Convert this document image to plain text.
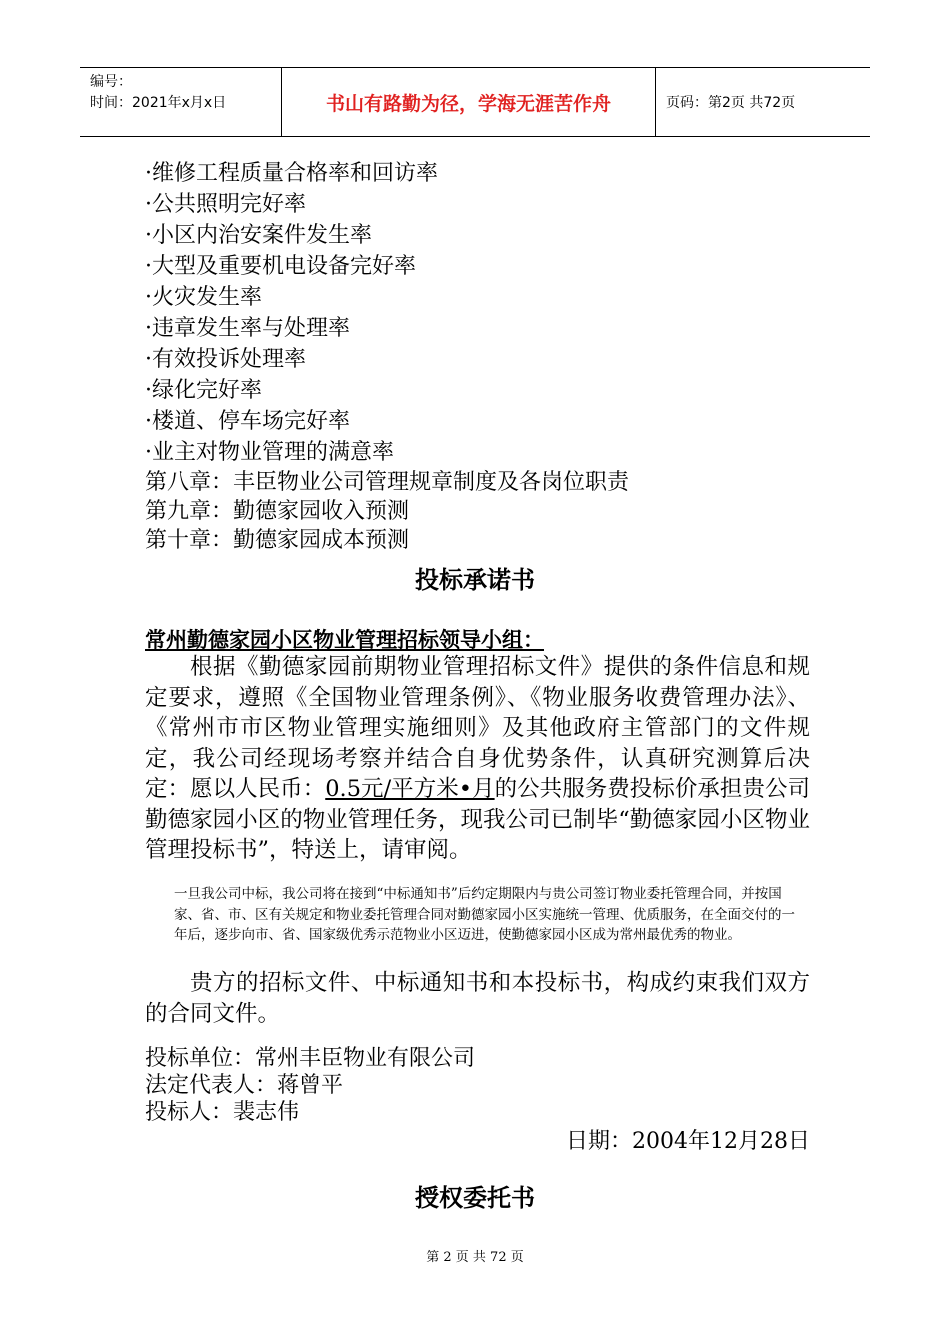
编号：
时间：2021年x月x日	书山有路勤为径，学海无涯苦作舟	页码：第2页 共72页
·维修工程质量合格率和回访率
·公共照明完好率
·小区内治安案件发生率
·大型及重要机电设备完好率
·火灾发生率
·违章发生率与处理率
·有效投诉处理率
·绿化完好率
·楼道、停车场完好率
·业主对物业管理的满意率
第八章：丰臣物业公司管理规章制度及各岗位职责
第九章：勤德家园收入预测
第十章：勤德家园成本预测
投标承诺书
常州勤德家园小区物业管理招标领导小组：
根据《勤德家园前期物业管理招标文件》提供的条件信息和规定要求，遵照《全国物业管理条例》、《物业服务收费管理办法》、《常州市市区物业管理实施细则》及其他政府主管部门的文件规定，我公司经现场考察并结合自身优势条件，认真研究测算后决定：愿以人民币：0.5元/平方米•月的公共服务费投标价承担贵公司勤德家园小区的物业管理任务，现我公司已制毕“勤德家园小区物业管理投标书”，特送上，请审阅。
一旦我公司中标，我公司将在接到“中标通知书”后约定期限内与贵公司签订物业委托管理合同，并按国家、省、市、区有关规定和物业委托管理合同对勤德家园小区实施统一管理、优质服务，在全面交付的一年后，逐步向市、省、国家级优秀示范物业小区迈进，使勤德家园小区成为常州最优秀的物业。
贵方的招标文件、中标通知书和本投标书，构成约束我们双方的合同文件。
投标单位：常州丰臣物业有限公司
法定代表人：蒋曾平
投标人：裴志伟
日期：2004年12月28日
授权委托书
第 2 页 共 72 页
